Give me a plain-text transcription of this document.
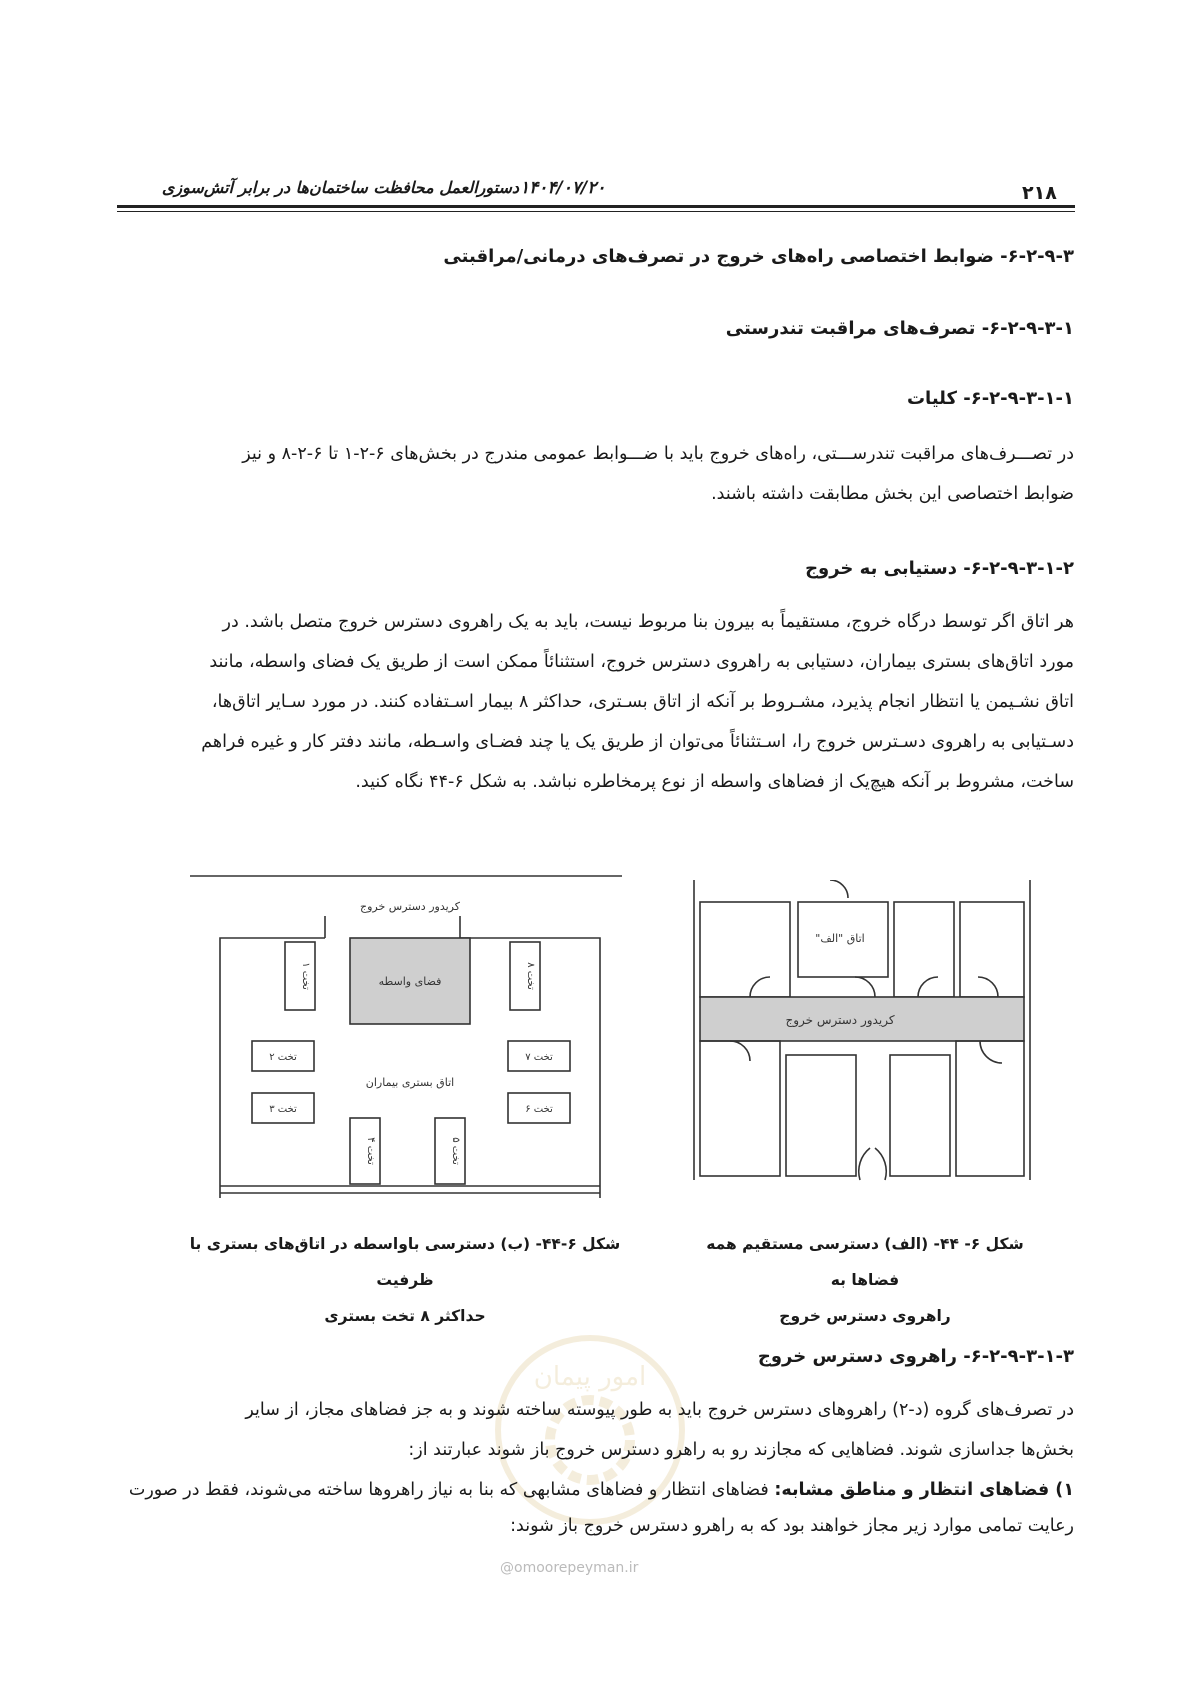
۲۱۸
۱۴۰۴/۰۷/۲۰
دستورالعمل محافظت ساختمان‌ها در برابر آتش‌سوزی
۶-۲-۹-۳- ضوابط اختصاصی راه‌های خروج در تصرف‌های درمانی/مراقبتی
۶-۲-۹-۳-۱- تصرف‌های مراقبت تندرستی
۶-۲-۹-۳-۱-۱- کلیات
در تصـــرف‌های مراقبت تندرســـتی، راه‌های خروج باید با ضـــوابط عمومی مندرج در بخش‌های ۶-۲-۱ تا ۶-۲-۸ و نیز
ضوابط اختصاصی این بخش مطابقت داشته باشند.
۶-۲-۹-۳-۱-۲- دستیابی به خروج
هر اتاق اگر توسط درگاه خروج، مستقیماً به بیرون بنا مربوط نیست، باید به یک راهروی دسترس خروج متصل باشد. در
مورد اتاق‌های بستری بیماران، دستیابی به راهروی دسترس خروج، استثنائاً ممکن است از طریق یک فضای واسطه، مانند
اتاق نشـیمن یا انتظار انجام پذیرد، مشـروط بر آنکه از اتاق بسـتری، حداکثر ۸ بیمار اسـتفاده کنند. در مورد سـایر اتاق‌ها،
دسـتیابی به راهروی دسـترس خروج را، اسـتثنائاً می‌توان از طریق یک یا چند فضـای واسـطه، مانند دفتر کار و غیره فراهم
ساخت، مشروط بر آنکه هیچ‌یک از فضاهای واسطه از نوع پرمخاطره نباشد. به شکل ۶-۴۴ نگاه کنید.
کریدور دسترس خروج
فضای واسطه
اتاق بستری بیماران
تخت ۱
تخت ۲
تخت ۳
تخت ۴
تخت ۵
تخت ۶
تخت ۷
تخت ۸
اتاق "الف"
کریدور دسترس خروج
شکل ۶-۴۴- (ب) دسترسی باواسطه در اتاق‌های بستری با ظرفیت
حداکثر ۸ تخت بستری
شکل ۶- ۴۴- (الف) دسترسی مستقیم همه فضاها به
راهروی دسترس خروج
۶-۲-۹-۳-۱-۳- راهروی دسترس خروج
امور پیمان
در تصرف‌های گروه (د-۲) راهروهای دسترس خروج باید به طور پیوسته ساخته شوند و به جز فضاهای مجاز، از سایر
بخش‌ها جداسازی شوند. فضاهایی که مجازند رو به راهرو دسترس خروج باز شوند عبارتند از:
۱) فضاهای انتظار و مناطق مشابه: فضاهای انتظار و فضاهای مشابهی که بنا به نیاز راهروها ساخته می‌شوند، فقط در صورت
رعایت تمامی موارد زیر مجاز خواهند بود که به راهرو دسترس خروج باز شوند:
@omoorepeyman.ir
